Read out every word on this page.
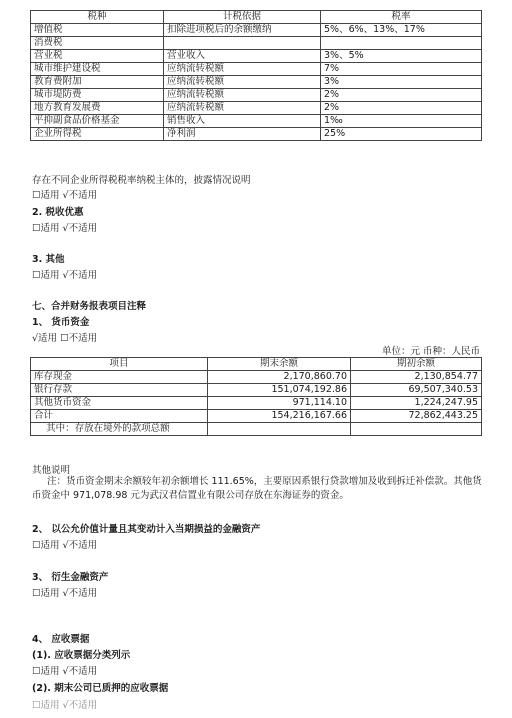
税种	计税依据	税率
增值税	扣除进项税后的余额缴纳	5%、6%、13%、17%
消费税		
营业税	营业收入	3%、5%
城市维护建设税	应纳流转税额	7%
教育费附加	应纳流转税额	3%
城市堤防费	应纳流转税额	2%
地方教育发展费	应纳流转税额	2%
平抑副食品价格基金	销售收入	1‰
企业所得税	净利润	25%
存在不同企业所得税税率纳税主体的，披露情况说明
☐适用 √不适用
2. 税收优惠
☐适用 √不适用
3. 其他
☐适用 √不适用
七、合并财务报表项目注释
1、 货币资金
√适用 ☐不适用
单位：元 币种：人民币
项目	期末余额	期初余额
库存现金	2,170,860.70	2,130,854.77
银行存款	151,074,192.86	69,507,340.53
其他货币资金	971,114.10	1,224,247.95
合计	154,216,167.66	72,862,443.25
其中：存放在境外的款项总额		
其他说明
注：货币资金期末余额较年初余额增长 111.65%，主要原因系银行贷款增加及收到拆迁补偿款。其他货币资金中 971,078.98 元为武汉君信置业有限公司存放在东海证券的资金。
2、 以公允价值计量且其变动计入当期损益的金融资产
☐适用 √不适用
3、 衍生金融资产
☐适用 √不适用
4、 应收票据
(1). 应收票据分类列示
☐适用 √不适用
(2). 期末公司已质押的应收票据
☐适用 √不适用
